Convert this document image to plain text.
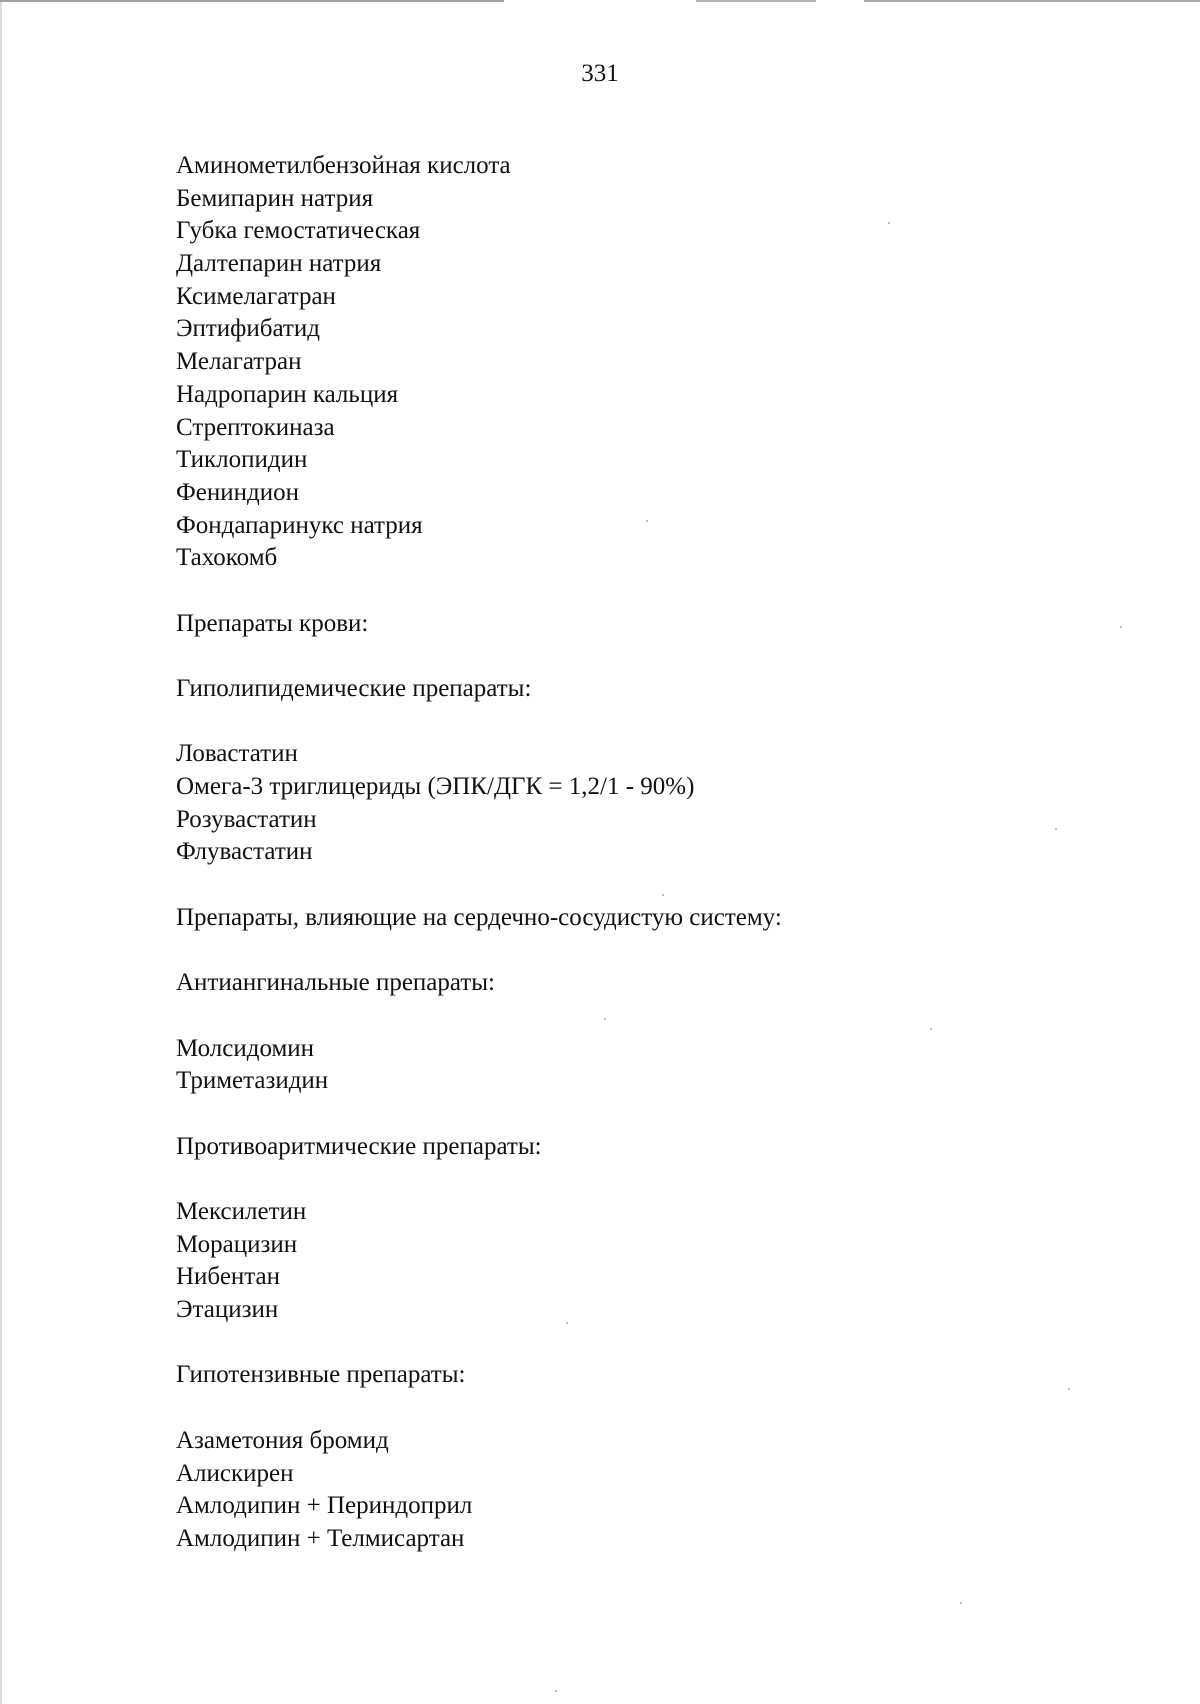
331
Аминометилбензойная кислота
Бемипарин натрия
Губка гемостатическая
Далтепарин натрия
Ксимелагатран
Эптифибатид
Мелагатран
Надропарин кальция
Стрептокиназа
Тиклопидин
Фениндион
Фондапаринукс натрия
Тахокомб
Препараты крови:
Гиполипидемические препараты:
Ловастатин
Омега-3 триглицериды (ЭПК/ДГК = 1,2/1 - 90%)
Розувастатин
Флувастатин
Препараты, влияющие на сердечно-сосудистую систему:
Антиангинальные препараты:
Молсидомин
Триметазидин
Противоаритмические препараты:
Мексилетин
Морацизин
Нибентан
Этацизин
Гипотензивные препараты:
Азаметония бромид
Алискирен
Амлодипин + Периндоприл
Амлодипин + Телмисартан
